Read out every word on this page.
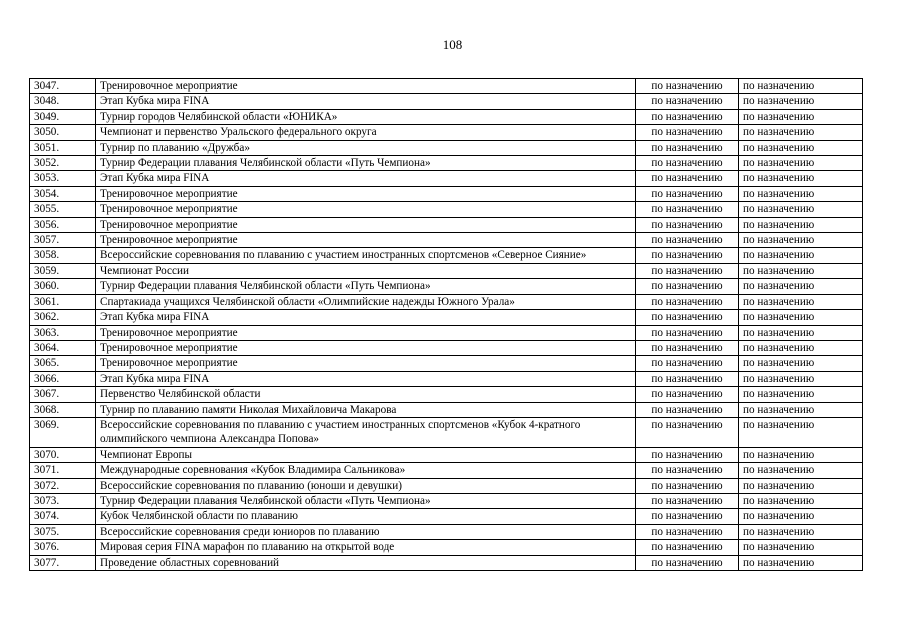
108
3047.	Тренировочное мероприятие	по назначению	по назначению
3048.	Этап Кубка мира FINA	по назначению	по назначению
3049.	Турнир городов Челябинской области «ЮНИКА»	по назначению	по назначению
3050.	Чемпионат и первенство Уральского федерального округа	по назначению	по назначению
3051.	Турнир по плаванию «Дружба»	по назначению	по назначению
3052.	Турнир Федерации плавания Челябинской области «Путь Чемпиона»	по назначению	по назначению
3053.	Этап Кубка мира FINA	по назначению	по назначению
3054.	Тренировочное мероприятие	по назначению	по назначению
3055.	Тренировочное мероприятие	по назначению	по назначению
3056.	Тренировочное мероприятие	по назначению	по назначению
3057.	Тренировочное мероприятие	по назначению	по назначению
3058.	Всероссийские соревнования по плаванию с участием иностранных спортсменов «Северное Сияние»	по назначению	по назначению
3059.	Чемпионат России	по назначению	по назначению
3060.	Турнир Федерации плавания Челябинской области «Путь Чемпиона»	по назначению	по назначению
3061.	Спартакиада учащихся Челябинской области «Олимпийские надежды Южного Урала»	по назначению	по назначению
3062.	Этап Кубка мира FINA	по назначению	по назначению
3063.	Тренировочное мероприятие	по назначению	по назначению
3064.	Тренировочное мероприятие	по назначению	по назначению
3065.	Тренировочное мероприятие	по назначению	по назначению
3066.	Этап Кубка мира FINA	по назначению	по назначению
3067.	Первенство Челябинской области	по назначению	по назначению
3068.	Турнир по плаванию памяти Николая Михайловича Макарова	по назначению	по назначению
3069.	Всероссийские соревнования по плаванию с участием иностранных спортсменов «Кубок 4-кратного олимпийского чемпиона Александра Попова»	по назначению	по назначению
3070.	Чемпионат Европы	по назначению	по назначению
3071.	Международные соревнования «Кубок Владимира Сальникова»	по назначению	по назначению
3072.	Всероссийские соревнования по плаванию (юноши и девушки)	по назначению	по назначению
3073.	Турнир Федерации плавания Челябинской области «Путь Чемпиона»	по назначению	по назначению
3074.	Кубок Челябинской области по плаванию	по назначению	по назначению
3075.	Всероссийские соревнования среди юниоров по плаванию	по назначению	по назначению
3076.	Мировая серия FINA марафон по плаванию на открытой воде	по назначению	по назначению
3077.	Проведение областных соревнований	по назначению	по назначению
